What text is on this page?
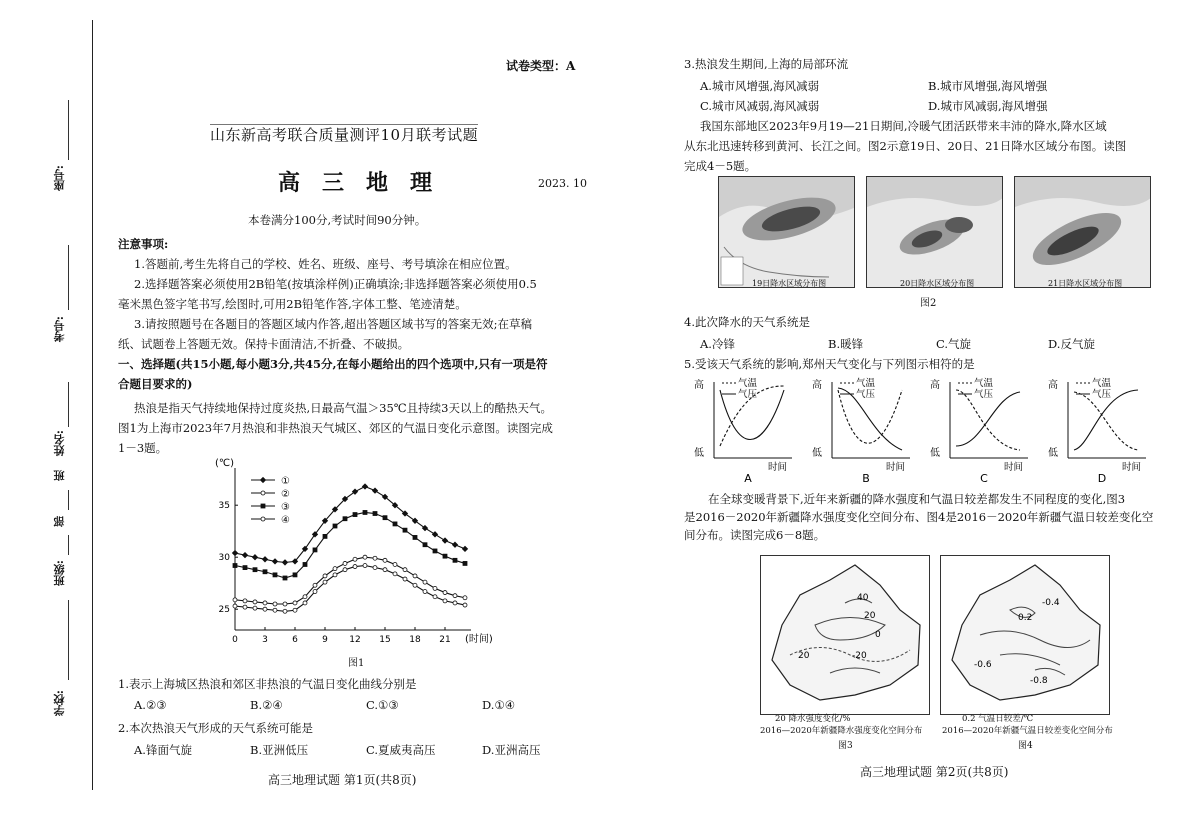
座号:
考号:
姓名:
班
部
班级:
学校:
试卷类型：A
山东新高考联合质量测评10月联考试题
高　三　地　理	2023. 10
本卷满分100分,考试时间90分钟。
注意事项:
1.答题前,考生先将自己的学校、姓名、班级、座号、考号填涂在相应位置。
2.选择题答案必须使用2B铅笔(按填涂样例)正确填涂;非选择题答案必须使用0.5
毫米黑色签字笔书写,绘图时,可用2B铅笔作答,字体工整、笔迹清楚。
3.请按照题号在各题目的答题区域内作答,超出答题区域书写的答案无效;在草稿
纸、试题卷上答题无效。保持卡面清洁,不折叠、不破损。
一、选择题(共15小题,每小题3分,共45分,在每小题给出的四个选项中,只有一项是符
合题目要求的)
热浪是指天气持续地保持过度炎热,日最高气温＞35℃且持续3天以上的酷热天气。
图1为上海市2023年7月热浪和非热浪天气城区、郊区的气温日变化示意图。读图完成
1－3题。
(℃)
(时间)
0	3	6	9 12 15 18 21
25
30
35
①
②
③
④
图1
1.表示上海城区热浪和郊区非热浪的气温日变化曲线分别是
A.②③	B.②④	C.①③	D.①④
2.本次热浪天气形成的天气系统可能是
A.锋面气旋	B.亚洲低压	C.夏威夷高压	D.亚洲高压
高三地理试题 第1页(共8页)
3.热浪发生期间,上海的局部环流
A.城市风增强,海风减弱	B.城市风增强,海风增强
C.城市风减弱,海风减弱	D.城市风减弱,海风增强
我国东部地区2023年9月19—21日期间,冷暖气团活跃带来丰沛的降水,降水区域
从东北迅速转移到黄河、长江之间。图2示意19日、20日、21日降水区域分布图。读图
完成4－5题。
19日降水区域分布图	20日降水区域分布图	21日降水区域分布图
图2
4.此次降水的天气系统是
A.冷锋	B.暖锋	C.气旋	D.反气旋
5.受该天气系统的影响,郑州天气变化与下列图示相符的是
高
低
时间
气温
气压
A
高
低
时间
气温
气压
B
高
低
时间
气温
气压
C
高
低
时间
气温
气压
D
在全球变暖背景下,近年来新疆的降水强度和气温日较差都发生不同程度的变化,图3
是2016－2020年新疆降水强度变化空间分布、图4是2016－2020年新疆气温日较差变化空
间分布。读图完成6－8题。
40
20
0
20	-20
20 降水强度变化/%
2016—2020年新疆降水强度变化空间分布
图3
-0.4
0.2
-0.6
-0.8
0.2 气温日较差/℃
2016—2020年新疆气温日较差变化空间分布
图4
高三地理试题 第2页(共8页)
